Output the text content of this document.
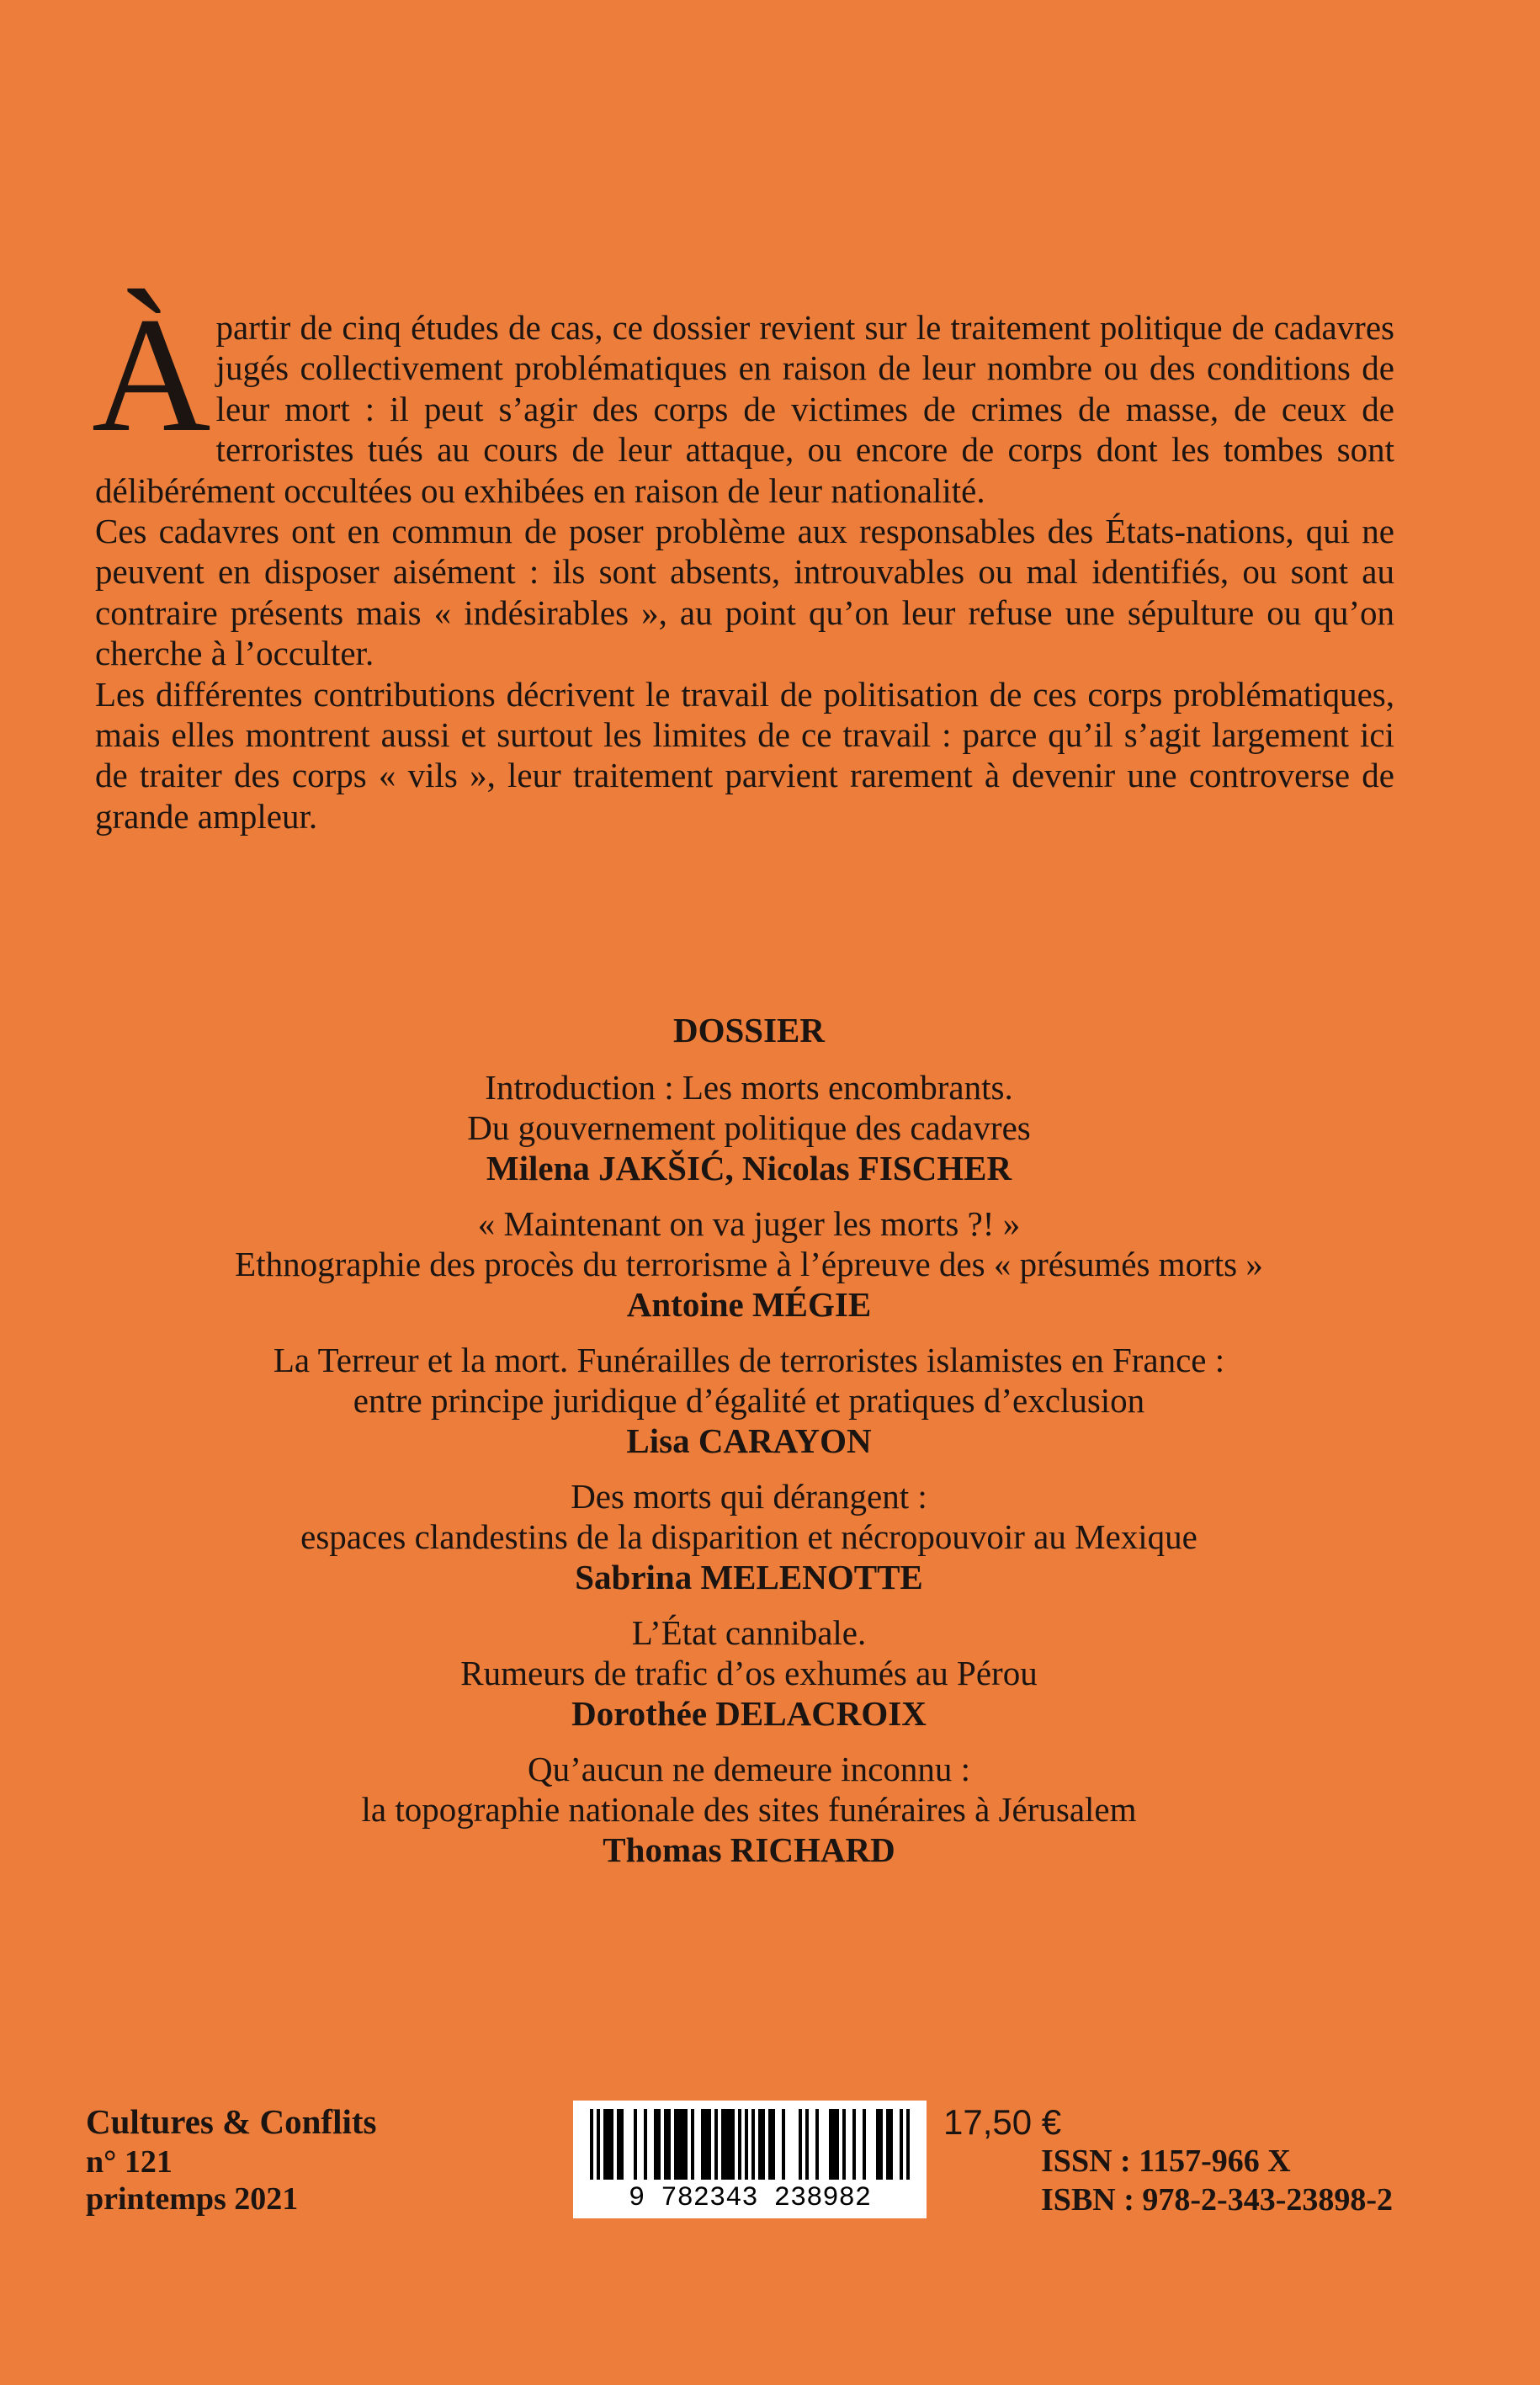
À partir de cinq études de cas, ce dossier revient sur le traitement politique de cadavres jugés collectivement problématiques en raison de leur nombre ou des conditions de leur mort : il peut s’agir des corps de victimes de crimes de masse, de ceux de terroristes tués au cours de leur attaque, ou encore de corps dont les tombes sont délibérément occultées ou exhibées en raison de leur nationalité.

Ces cadavres ont en commun de poser problème aux responsables des États-nations, qui ne peuvent en disposer aisément : ils sont absents, introuvables ou mal identifiés, ou sont au contraire présents mais « indésirables », au point qu’on leur refuse une sépulture ou qu’on cherche à l’occulter.

Les différentes contributions décrivent le travail de politisation de ces corps problématiques, mais elles montrent aussi et surtout les limites de ce travail : parce qu’il s’agit largement ici de traiter des corps « vils », leur traitement parvient rarement à devenir une controverse de grande ampleur.

DOSSIER
Introduction : Les morts encombrants.
Du gouvernement politique des cadavres
Milena JAKŠIĆ, Nicolas FISCHER
« Maintenant on va juger les morts ?! »
Ethnographie des procès du terrorisme à l’épreuve des « présumés morts »
Antoine MÉGIE
La Terreur et la mort. Funérailles de terroristes islamistes en France :
entre principe juridique d’égalité et pratiques d’exclusion
Lisa CARAYON
Des morts qui dérangent :
espaces clandestins de la disparition et nécropouvoir au Mexique
Sabrina MELENOTTE
L’État cannibale.
Rumeurs de trafic d’os exhumés au Pérou
Dorothée DELACROIX
Qu’aucun ne demeure inconnu :
la topographie nationale des sites funéraires à Jérusalem
Thomas RICHARD
Cultures & Conflits
n° 121
printemps 2021	9 782343 238982
17,50 €
ISSN : 1157-966 X
ISBN : 978-2-343-23898-2
